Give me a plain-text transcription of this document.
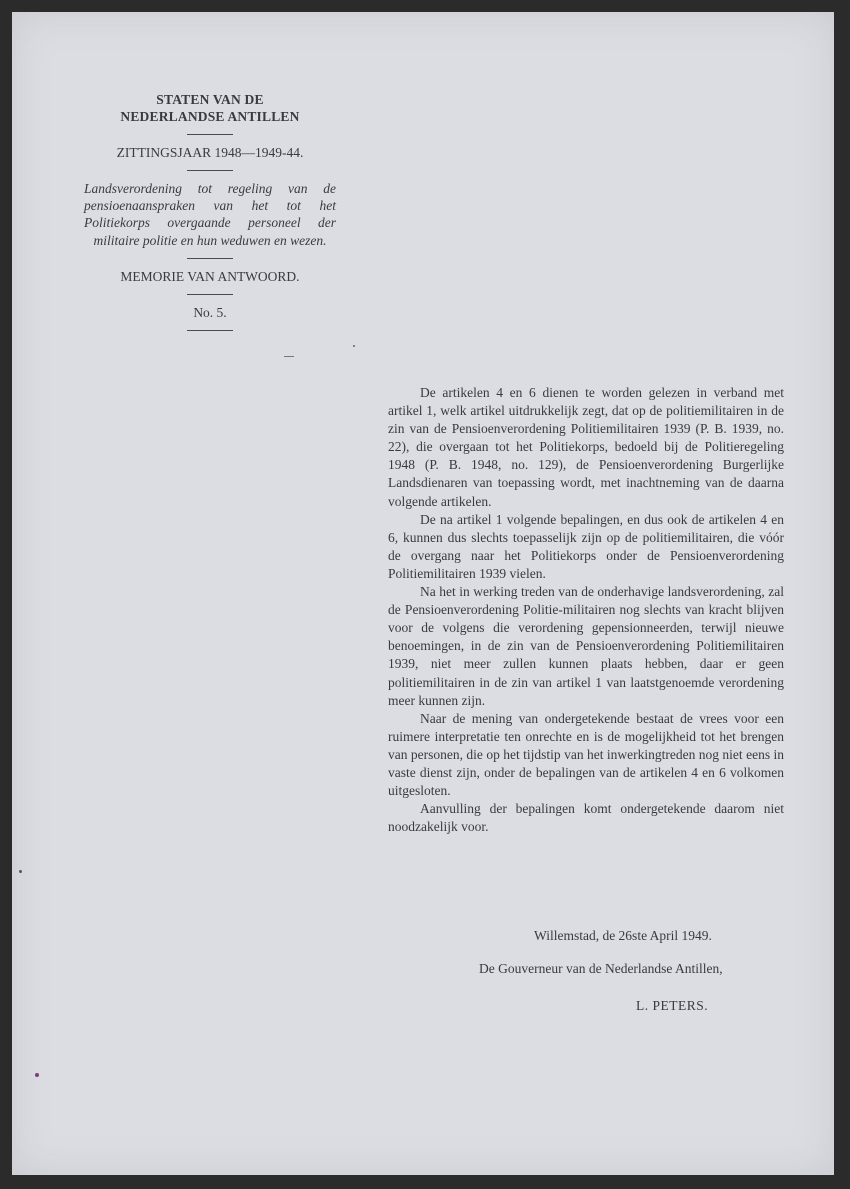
STATEN VAN DE
NEDERLANDSE ANTILLEN
ZITTINGSJAAR 1948—1949-44.
Landsverordening tot regeling van de pensioenaanspraken van het tot het Politiekorps overgaande personeel der militaire politie en hun weduwen en wezen.
MEMORIE VAN ANTWOORD.
No. 5.

De artikelen 4 en 6 dienen te worden gelezen in verband met artikel 1, welk artikel uitdrukkelijk zegt, dat op de politiemilitairen in de zin van de Pensioenverordening Politiemilitairen 1939 (P. B. 1939, no. 22), die overgaan tot het Politiekorps, bedoeld bij de Politieregeling 1948 (P. B. 1948, no. 129), de Pensioenverordening Burgerlijke Landsdienaren van toepassing wordt, met inachtneming van de daarna volgende artikelen.

De na artikel 1 volgende bepalingen, en dus ook de artikelen 4 en 6, kunnen dus slechts toepasselijk zijn op de politiemilitairen, die vóór de overgang naar het Politiekorps onder de Pensioenverordening Politiemilitairen 1939 vielen.

Na het in werking treden van de onderhavige landsverordening, zal de Pensioenverordening Politie-militairen nog slechts van kracht blijven voor de volgens die verordening gepensionneerden, terwijl nieuwe benoemingen, in de zin van de Pensioenverordening Politiemilitairen 1939, niet meer zullen kunnen plaats hebben, daar er geen politiemilitairen in de zin van artikel 1 van laatstgenoemde verordening meer kunnen zijn.

Naar de mening van ondergetekende bestaat de vrees voor een ruimere interpretatie ten onrechte en is de mogelijkheid tot het brengen van personen, die op het tijdstip van het inwerkingtreden nog niet eens in vaste dienst zijn, onder de bepalingen van de artikelen 4 en 6 volkomen uitgesloten.

Aanvulling der bepalingen komt ondergetekende daarom niet noodzakelijk voor.

Willemstad, de 26ste April 1949.
De Gouverneur van de Nederlandse Antillen,
L. PETERS.
